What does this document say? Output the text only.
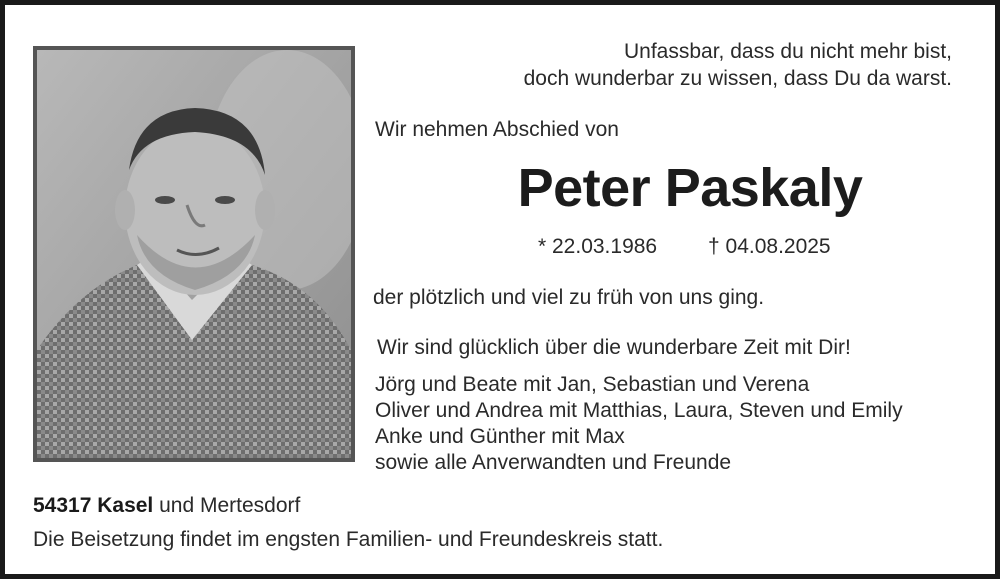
Unfassbar, dass du nicht mehr bist,
doch wunderbar zu wissen, dass Du da warst.
Wir nehmen Abschied von
Peter Paskaly
* 22.03.1986 † 04.08.2025
der plötzlich und viel zu früh von uns ging.
Wir sind glücklich über die wunderbare Zeit mit Dir!
Jörg und Beate mit Jan, Sebastian und Verena
Oliver und Andrea mit Matthias, Laura, Steven und Emily
Anke und Günther mit Max
sowie alle Anverwandten und Freunde
54317 Kasel und Mertesdorf
Die Beisetzung findet im engsten Familien- und Freundeskreis statt.
